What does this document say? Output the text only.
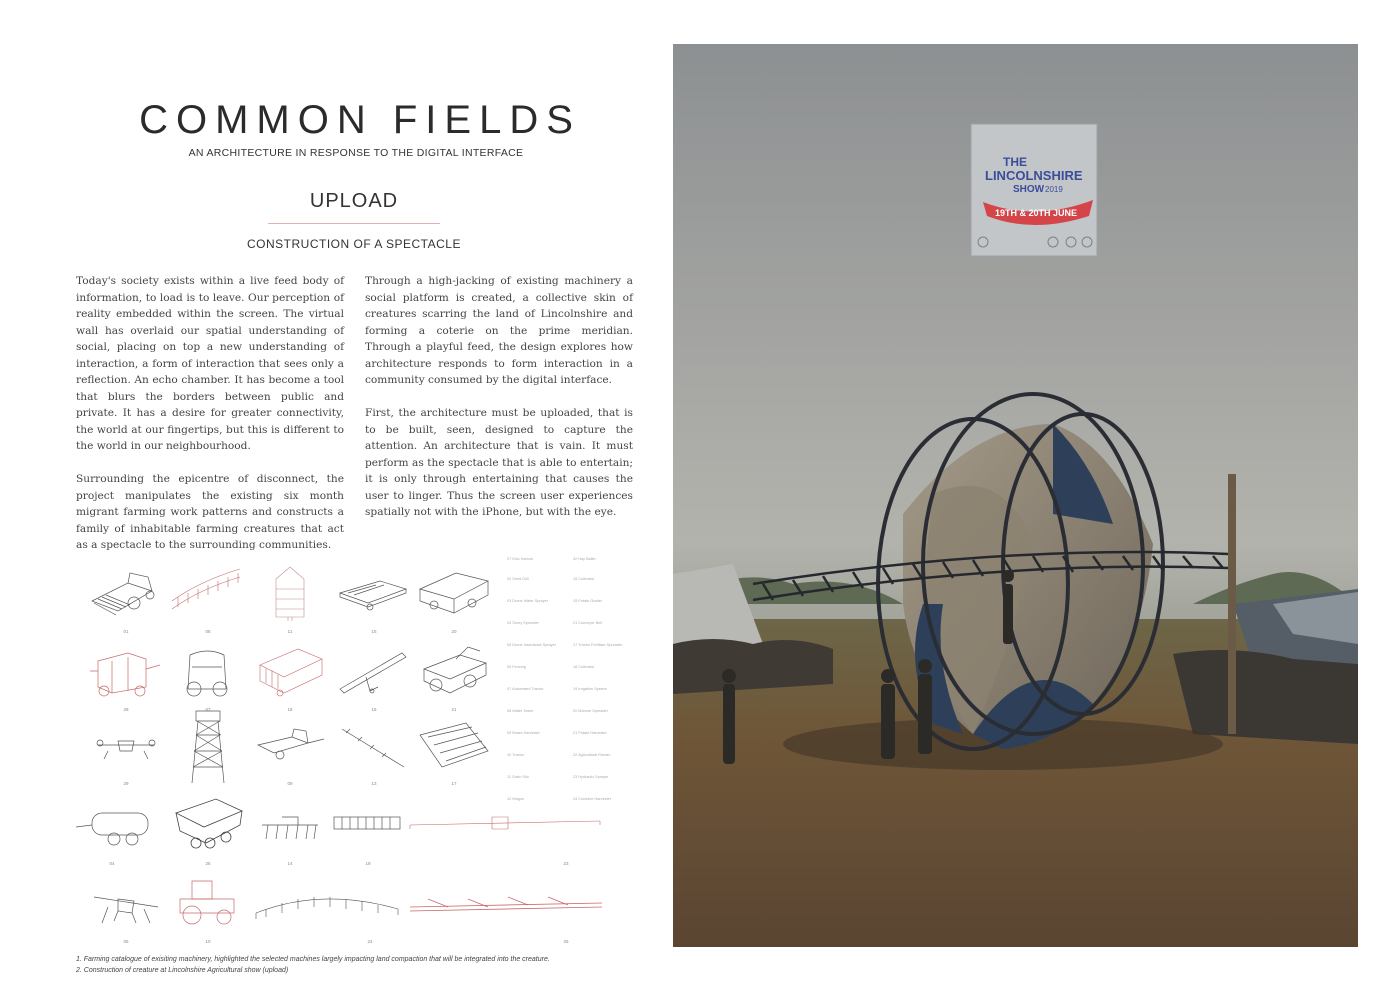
COMMON FIELDS
AN ARCHITECTURE IN RESPONSE TO THE DIGITAL INTERFACE
UPLOAD
CONSTRUCTION OF A SPECTACLE

Today's society exists within a live feed body of information, to load is to leave. Our perception of reality embedded within the screen. The virtual wall has overlaid our spatial understanding of social, placing on top a new understanding of interaction, a form of interaction that sees only a reflection. An echo chamber. It has become a tool that blurs the borders between public and private. It has a desire for greater connectivity, the world at our fingertips, but this is different to the world in our neighbourhood.

Surrounding the epicentre of disconnect, the project manipulates the existing six month migrant farming work patterns and constructs a family of inhabitable farming creatures that act as a spectacle to the surrounding communities.

Through a high-jacking of existing machinery a social platform is created, a collective skin of creatures scarring the land of Lincolnshire and forming a coterie on the prime meridian. Through a playful feed, the design explores how architecture responds to form interaction in a community consumed by the digital interface.

First, the architecture must be uploaded, that is to be built, seen, designed to capture the attention. An architecture that is vain. It must perform as the spectacle that is able to entertain; it is only through entertaining that causes the user to linger. Thus the screen user experiences spatially not with the iPhone, but with the eye.

01	08	11	15	20
28	07	18	16	21
29	09	13	17
04	26	14	19	23
05	10	24	25
27 Disc Harrow	32 Hay Bailer
02 Seed Drill	15 Cultivator
03 Drone Water Sprayer	15 Potato Grader
04 Slurry Spreader	21 Conveyor Belt
05 Drone Insecticide Sprayer	17 Tractor Fertiliser Spreader
06 Fencing	18 Cultivator
07 Automated Tractor	19 Irrigation System
08 Water Tower	20 Manure Spreader
09 Maize Harvester	21 Potato Harvester
10 Tractor	22 Agricultural Planter
11 Grain Silo	23 Hydraulic Sprayer
12 Wagon	24 Combine Harvester
1. Farming catalogue of exisiting machinery, highlighted the selected machines largely impacting land compaction that will be integrated into the creature.
2. Construction of creature at Lincolnshire Agricultural show (upload)
THE
LINCOLNSHIRE
SHOW 2019
19TH & 20TH JUNE
